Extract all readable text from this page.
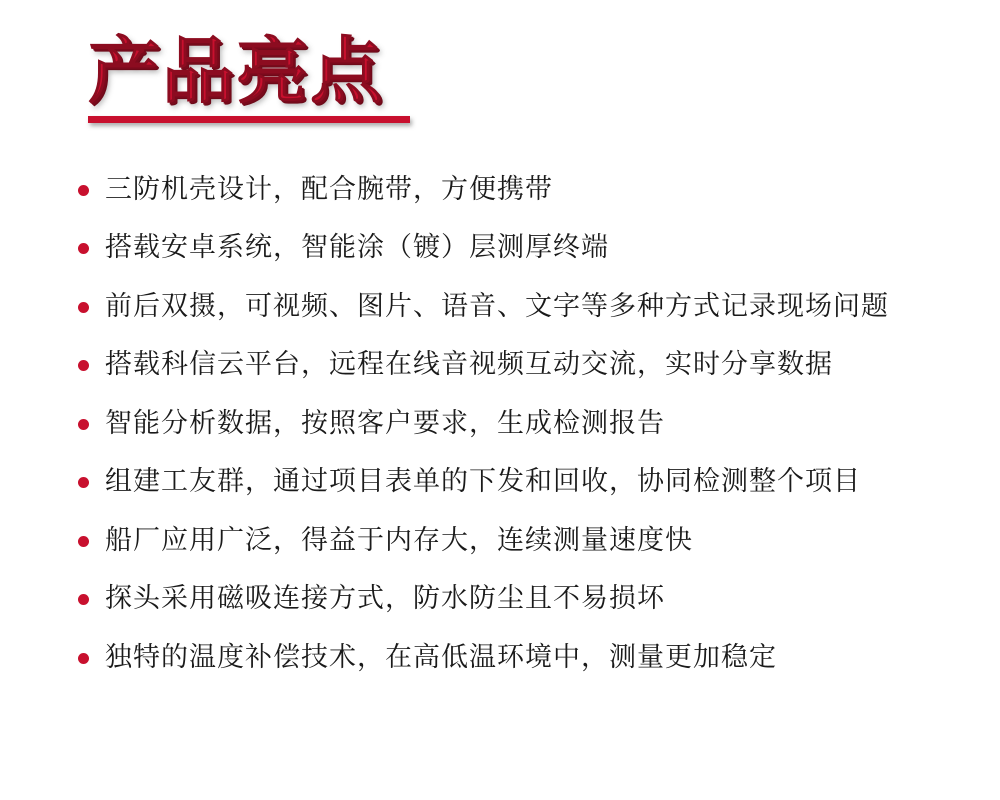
产品亮点
三防机壳设计，配合腕带，方便携带
搭载安卓系统，智能涂（镀）层测厚终端
前后双摄，可视频、图片、语音、文字等多种方式记录现场问题
搭载科信云平台，远程在线音视频互动交流，实时分享数据
智能分析数据，按照客户要求，生成检测报告
组建工友群，通过项目表单的下发和回收，协同检测整个项目
船厂应用广泛，得益于内存大，连续测量速度快
探头采用磁吸连接方式，防水防尘且不易损坏
独特的温度补偿技术，在高低温环境中，测量更加稳定
